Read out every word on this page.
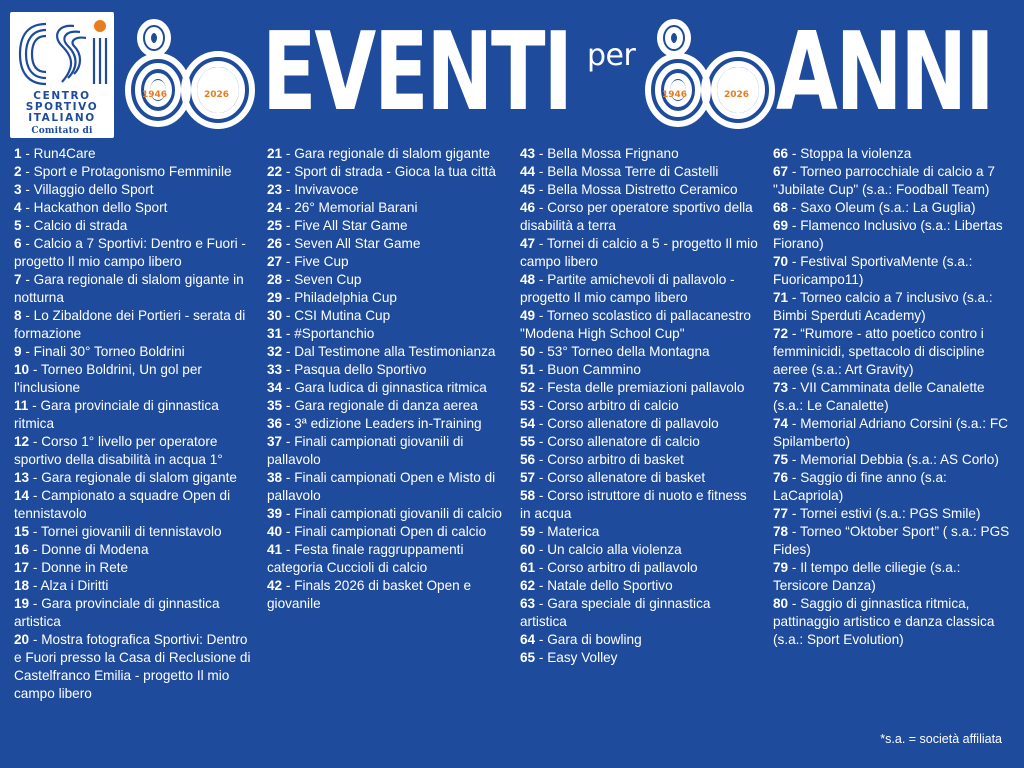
CENTRO
SPORTIVO
ITALIANO
Comitato di Modena
1946	2026 EVENTI per
1946	2026 ANNI
1 - Run4Care
2 - Sport e Protagonismo Femminile
3 - Villaggio dello Sport
4 - Hackathon dello Sport
5 - Calcio di strada
6 - Calcio a 7 Sportivi: Dentro e Fuori - progetto Il mio campo libero
7 - Gara regionale di slalom gigante in notturna
8 - Lo Zibaldone dei Portieri - serata di formazione
9 - Finali 30° Torneo Boldrini
10 - Torneo Boldrini, Un gol per l'inclusione
11 - Gara provinciale di ginnastica ritmica
12 - Corso 1° livello per operatore sportivo della disabilità in acqua 1°
13 - Gara regionale di slalom gigante
14 - Campionato a squadre Open di tennistavolo
15 - Tornei giovanili di tennistavolo
16 - Donne di Modena
17 - Donne in Rete
18 - Alza i Diritti
19 - Gara provinciale di ginnastica artistica
20 - Mostra fotografica Sportivi: Dentro e Fuori presso la Casa di Reclusione di Castelfranco Emilia - progetto Il mio campo libero
21 - Gara regionale di slalom gigante
22 - Sport di strada - Gioca la tua città
23 - Invivavoce
24 - 26° Memorial Barani
25 - Five All Star Game
26 - Seven All Star Game
27 - Five Cup
28 - Seven Cup
29 - Philadelphia Cup
30 - CSI Mutina Cup
31 - #Sportanchio
32 - Dal Testimone alla Testimonianza
33 - Pasqua dello Sportivo
34 - Gara ludica di ginnastica ritmica
35 - Gara regionale di danza aerea
36 - 3ª edizione Leaders in-Training
37 - Finali campionati giovanili di pallavolo
38 - Finali campionati Open e Misto di pallavolo
39 - Finali campionati giovanili di calcio
40 - Finali campionati Open di calcio
41 - Festa finale raggruppamenti categoria Cuccioli di calcio
42 - Finals 2026 di basket Open e giovanile
43 - Bella Mossa Frignano
44 - Bella Mossa Terre di Castelli
45 - Bella Mossa Distretto Ceramico
46 - Corso per operatore sportivo della disabilità a terra
47 - Tornei di calcio a 5 - progetto Il mio campo libero
48 - Partite amichevoli di pallavolo - progetto Il mio campo libero
49 - Torneo scolastico di pallacanestro "Modena High School Cup"
50 - 53° Torneo della Montagna
51 - Buon Cammino
52 - Festa delle premiazioni pallavolo
53 - Corso arbitro di calcio
54 - Corso allenatore di pallavolo
55 - Corso allenatore di calcio
56 - Corso arbitro di basket
57 - Corso allenatore di basket
58 - Corso istruttore di nuoto e fitness in acqua
59 - Materica
60 - Un calcio alla violenza
61 - Corso arbitro di pallavolo
62 - Natale dello Sportivo
63 - Gara speciale di ginnastica artistica
64 - Gara di bowling
65 - Easy Volley
66 - Stoppa la violenza
67 - Torneo parrocchiale di calcio a 7 "Jubilate Cup" (s.a.: Foodball Team)
68 - Saxo Oleum (s.a.: La Guglia)
69 - Flamenco Inclusivo (s.a.: Libertas Fiorano)
70 - Festival SportivaMente (s.a.: Fuoricampo11)
71 - Torneo calcio a 7 inclusivo (s.a.: Bimbi Sperduti Academy)
72 - “Rumore - atto poetico contro i femminicidi, spettacolo di discipline aeree (s.a.: Art Gravity)
73 - VII Camminata delle Canalette (s.a.: Le Canalette)
74 - Memorial Adriano Corsini (s.a.: FC Spilamberto)
75 - Memorial Debbia (s.a.: AS Corlo)
76 - Saggio di fine anno (s.a: LaCapriola)
77 - Tornei estivi (s.a.: PGS Smile)
78 - Torneo “Oktober Sport” ( s.a.: PGS Fides)
79 - Il tempo delle ciliegie (s.a.: Tersicore Danza)
80 - Saggio di ginnastica ritmica, pattinaggio artistico e danza classica (s.a.: Sport Evolution)
*s.a. = società affiliata
